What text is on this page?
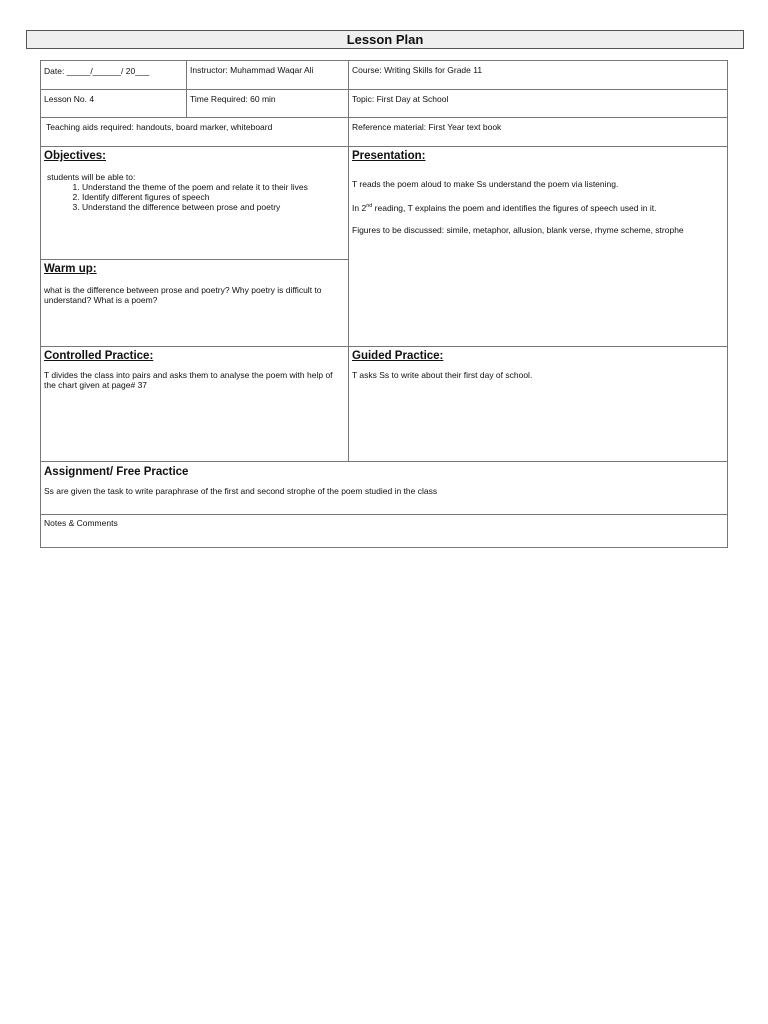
Lesson Plan
Date: _____/______/ 20___	Instructor: Muhammad Waqar Ali	Course: Writing Skills for Grade 11
Lesson No. 4	Time Required: 60 min	Topic: First Day at School
Teaching aids required: handouts, board marker, whiteboard	Reference material: First Year text book
Objectives:

students will be able to:

1. Understand the theme of the poem and relate it to their lives
2. Identify different figures of speech
3. Understand the difference between prose and poetry
Warm up:

what is the difference between prose and poetry? Why poetry is difficult to understand? What is a poem?

Presentation:

T reads the poem aloud to make Ss understand the poem via listening.

In 2nd reading, T explains the poem and identifies the figures of speech used in it.

Figures to be discussed: simile, metaphor, allusion, blank verse, rhyme scheme, strophe

Controlled Practice:

T divides the class into pairs and asks them to analyse the poem with help of the chart given at page# 37

Guided Practice:

T asks Ss to write about their first day of school.

Assignment/ Free Practice

Ss are given the task to write paraphrase of the first and second strophe of the poem studied in the class

Notes & Comments
